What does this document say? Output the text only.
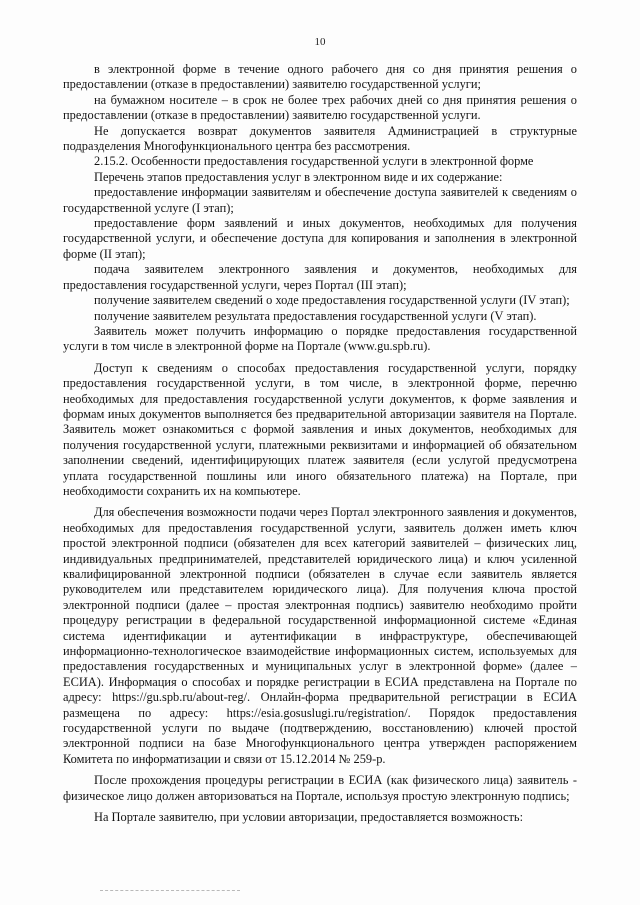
10

в электронной форме в течение одного рабочего дня со дня принятия решения о предоставлении (отказе в предоставлении) заявителю государственной услуги;

на бумажном носителе – в срок не более трех рабочих дней со дня принятия решения о предоставлении (отказе в предоставлении) заявителю государственной услуги.

Не допускается возврат документов заявителя Администрацией в структурные подразделения Многофункционального центра без рассмотрения.

2.15.2. Особенности предоставления государственной услуги в электронной форме

Перечень этапов предоставления услуг в электронном виде и их содержание:

предоставление информации заявителям и обеспечение доступа заявителей к сведениям о государственной услуге (I этап);

предоставление форм заявлений и иных документов, необходимых для получения государственной услуги, и обеспечение доступа для копирования и заполнения в электронной форме (II этап);

подача заявителем электронного заявления и документов, необходимых для предоставления государственной услуги, через Портал (III этап);

получение заявителем сведений о ходе предоставления государственной услуги (IV этап);

получение заявителем результата предоставления государственной услуги (V этап).

Заявитель может получить информацию о порядке предоставления государственной услуги в том числе в электронной форме на Портале (www.gu.spb.ru).

Доступ к сведениям о способах предоставления государственной услуги, порядку предоставления государственной услуги, в том числе, в электронной форме, перечню необходимых для предоставления государственной услуги документов, к форме заявления и формам иных документов выполняется без предварительной авторизации заявителя на Портале. Заявитель может ознакомиться с формой заявления и иных документов, необходимых для получения государственной услуги, платежными реквизитами и информацией об обязательном заполнении сведений, идентифицирующих платеж заявителя (если услугой предусмотрена уплата государственной пошлины или иного обязательного платежа) на Портале, при необходимости сохранить их на компьютере.

Для обеспечения возможности подачи через Портал электронного заявления и документов, необходимых для предоставления государственной услуги, заявитель должен иметь ключ простой электронной подписи (обязателен для всех категорий заявителей – физических лиц, индивидуальных предпринимателей, представителей юридического лица) и ключ усиленной квалифицированной электронной подписи (обязателен в случае если заявитель является руководителем или представителем юридического лица). Для получения ключа простой электронной подписи (далее – простая электронная подпись) заявителю необходимо пройти процедуру регистрации в федеральной государственной информационной системе «Единая система идентификации и аутентификации в инфраструктуре, обеспечивающей информационно-технологическое взаимодействие информационных систем, используемых для предоставления государственных и муниципальных услуг в электронной форме» (далее – ЕСИА). Информация о способах и порядке регистрации в ЕСИА представлена на Портале по адресу: https://gu.spb.ru/about-reg/. Онлайн-форма предварительной регистрации в ЕСИА размещена по адресу: https://esia.gosuslugi.ru/registration/. Порядок предоставления государственной услуги по выдаче (подтверждению, восстановлению) ключей простой электронной подписи на базе Многофункционального центра утвержден распоряжением Комитета по информатизации и связи от 15.12.2014 № 259-р.

После прохождения процедуры регистрации в ЕСИА (как физического лица) заявитель - физическое лицо должен авторизоваться на Портале, используя простую электронную подпись;

На Портале заявителю, при условии авторизации, предоставляется возможность:
